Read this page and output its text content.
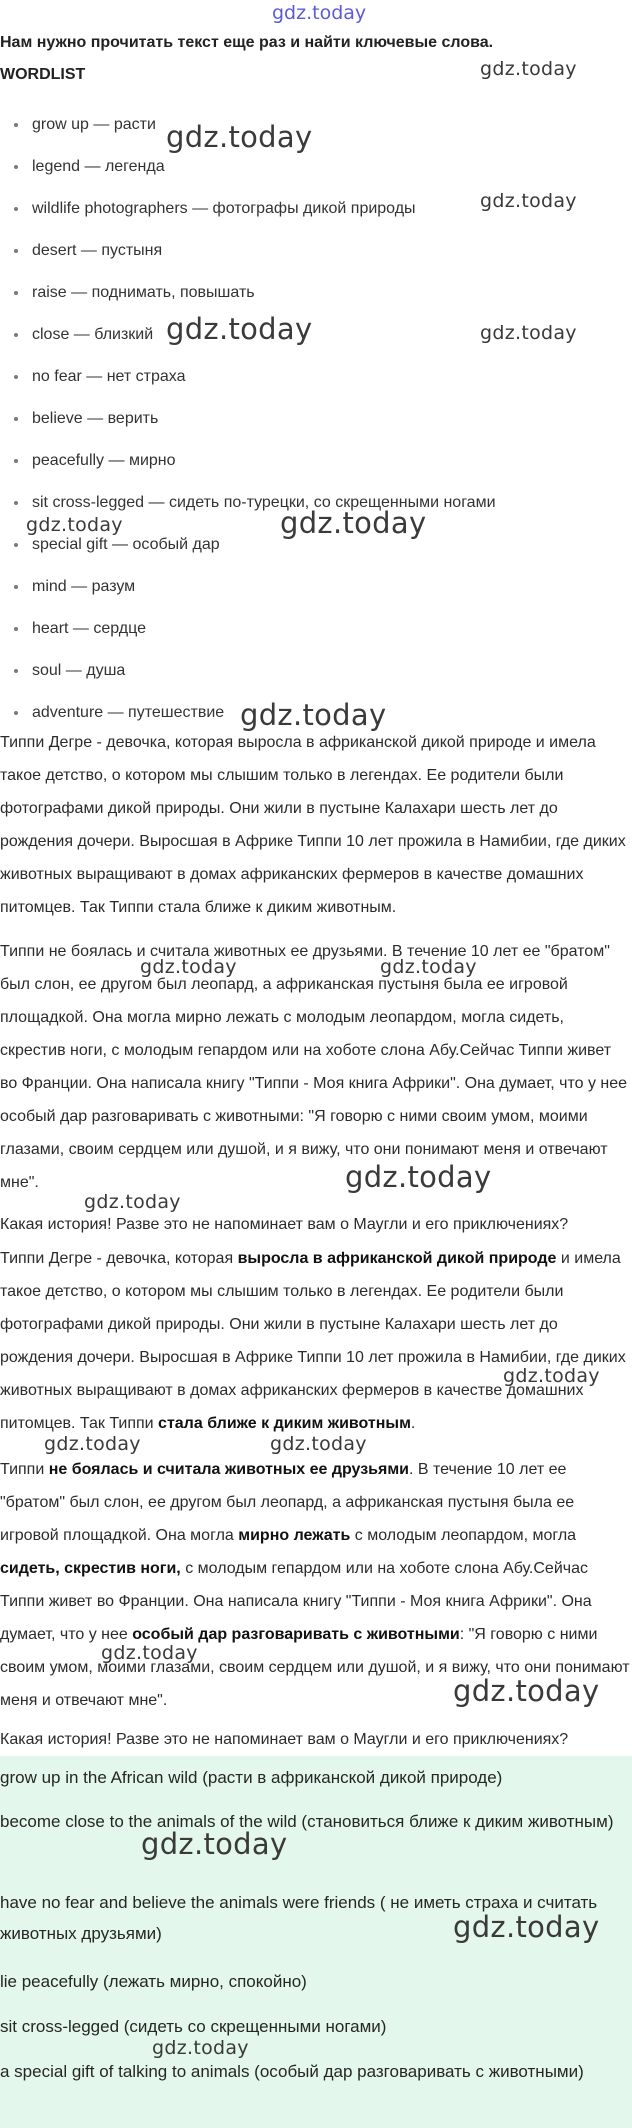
gdz.today
Нам нужно прочитать текст еще раз и найти ключевые слова.
WORDLIST
grow up — расти
legend — легенда
wildlife photographers — фотографы дикой природы
desert — пустыня
raise — поднимать, повышать
close — близкий
no fear — нет страха
believe — верить
peacefully — мирно
sit cross-legged — сидеть по-турецки, со скрещенными ногами
special gift — особый дар
mind — разум
heart — сердце
soul — душа
adventure — путешествие

Типпи Дегре - девочка, которая выросла в африканской дикой природе и имела такое детство, о котором мы слышим только в легендах. Ее родители были фотографами дикой природы. Они жили в пустыне Калахари шесть лет до рождения дочери. Выросшая в Африке Типпи 10 лет прожила в Намибии, где диких животных выращивают в домах африканских фермеров в качестве домашних питомцев. Так Типпи стала ближе к диким животным.

Типпи не боялась и считала животных ее друзьями. В течение 10 лет ее "братом" был слон, ее другом был леопард, а африканская пустыня была ее игровой площадкой. Она могла мирно лежать с молодым леопардом, могла сидеть, скрестив ноги, с молодым гепардом или на хоботе слона Абу.Сейчас Типпи живет во Франции. Она написала книгу "Типпи - Моя книга Африки". Она думает, что у нее особый дар разговаривать с животными: "Я говорю с ними своим умом, моими глазами, своим сердцем или душой, и я вижу, что они понимают меня и отвечают мне".

Какая история! Разве это не напоминает вам о Маугли и его приключениях?

Типпи Дегре - девочка, которая выросла в африканской дикой природе и имела такое детство, о котором мы слышим только в легендах. Ее родители были фотографами дикой природы. Они жили в пустыне Калахари шесть лет до рождения дочери. Выросшая в Африке Типпи 10 лет прожила в Намибии, где диких животных выращивают в домах африканских фермеров в качестве домашних питомцев. Так Типпи стала ближе к диким животным.

Типпи не боялась и считала животных ее друзьями. В течение 10 лет ее "братом" был слон, ее другом был леопард, а африканская пустыня была ее игровой площадкой. Она могла мирно лежать с молодым леопардом, могла сидеть, скрестив ноги, с молодым гепардом или на хоботе слона Абу.Сейчас Типпи живет во Франции. Она написала книгу "Типпи - Моя книга Африки". Она думает, что у нее особый дар разговаривать с животными: "Я говорю с ними своим умом, моими глазами, своим сердцем или душой, и я вижу, что они понимают меня и отвечают мне".

Какая история! Разве это не напоминает вам о Маугли и его приключениях?

grow up in the African wild (расти в африканской дикой природе)

become close to the animals of the wild (становиться ближе к диким животным)

have no fear and believe the animals were friends ( не иметь страха и считать животных друзьями)

lie peacefully (лежать мирно, спокойно)

sit cross-legged (сидеть со скрещенными ногами)

a special gift of talking to animals (особый дар разговаривать с животными)

gdz.today
gdz.today
gdz.today
gdz.today	gdz.today
gdz.today	gdz.today
gdz.today
gdz.today	gdz.today
gdz.today
gdz.today
gdz.today
gdz.today	gdz.today
gdz.today
gdz.today
gdz.today
gdz.today
gdz.today
